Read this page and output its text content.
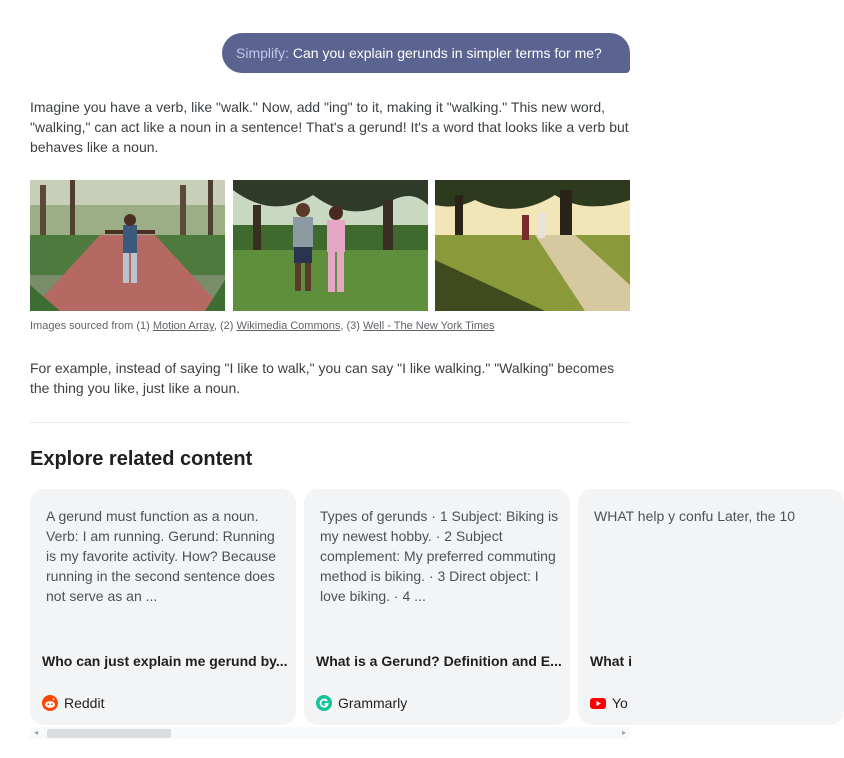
Simplify: Can you explain gerunds in simpler terms for me?

Imagine you have a verb, like "walk." Now, add "ing" to it, making it "walking." This new word, "walking," can act like a noun in a sentence! That's a gerund! It's a word that looks like a verb but behaves like a noun.

Images sourced from (1) Motion Array, (2) Wikimedia Commons, (3) Well - The New York Times

For example, instead of saying "I like to walk," you can say "I like walking." "Walking" becomes the thing you like, just like a noun.

Explore related content

A gerund must function as a noun. Verb: I am running. Gerund: Running is my favorite activity. How? Because running in the second sentence does not serve as an ...

Who can just explain me gerund by...
Reddit

Types of gerunds · 1 Subject: Biking is my newest hobby. · 2 Subject complement: My preferred commuting method is biking. · 3 Direct object: I love biking. · 4 ...

What is a Gerund? Definition and E...
Grammarly

WHAT help y confu Later, the 10

What i
Yo
◂	▸
